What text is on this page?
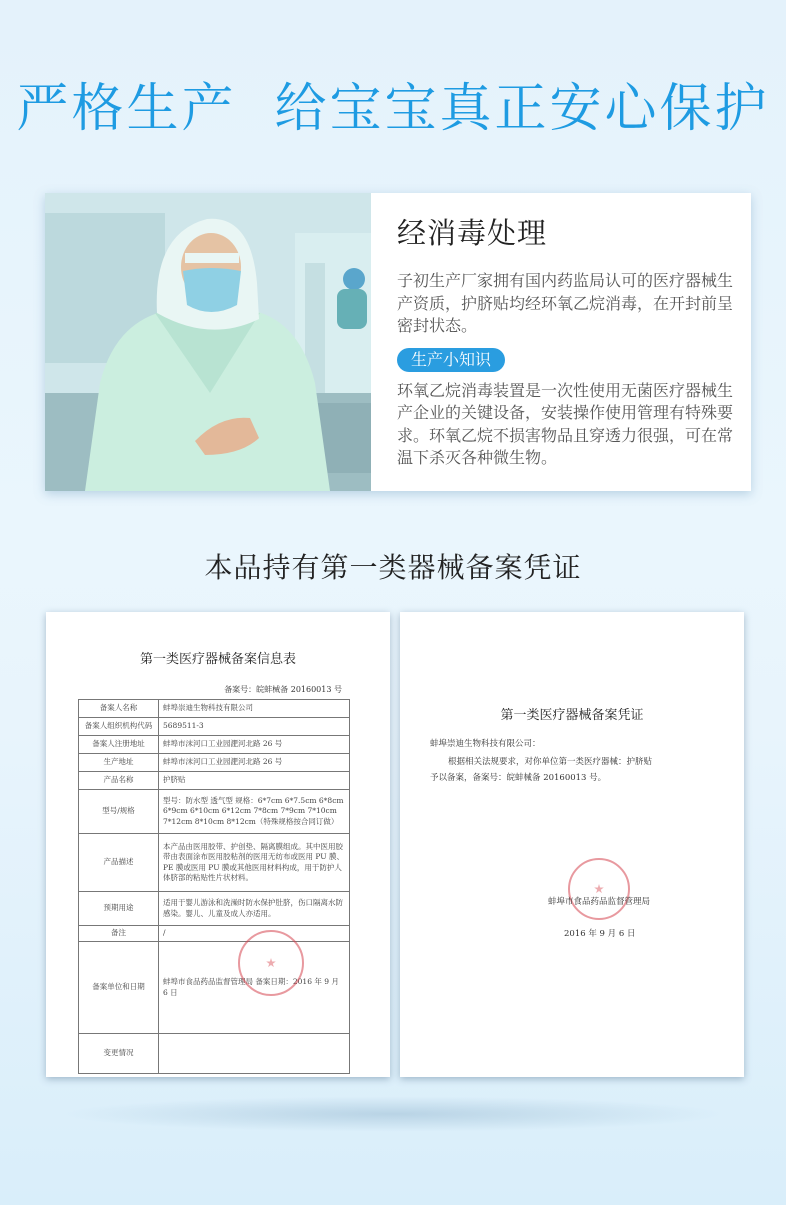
严格生产 给宝宝真正安心保护
经消毒处理
子初生产厂家拥有国内药监局认可的医疗器械生产资质，护脐贴均经环氧乙烷消毒，在开封前呈密封状态。
生产小知识
环氧乙烷消毒装置是一次性使用无菌医疗器械生产企业的关键设备，安装操作使用管理有特殊要求。环氧乙烷不损害物品且穿透力很强，可在常温下杀灭各种微生物。
本品持有第一类器械备案凭证
第一类医疗器械备案信息表
备案号：皖蚌械备 20160013 号
备案人名称	蚌埠崇迪生物科技有限公司
备案人组织机构代码	5689511-3
备案人注册地址	蚌埠市沫河口工业园淝河北路 26 号
生产地址	蚌埠市沫河口工业园淝河北路 26 号
产品名称	护脐贴
型号/规格	型号：防水型 透气型 规格：6*7cm 6*7.5cm 6*8cm 6*9cm 6*10cm 6*12cm 7*8cm 7*9cm 7*10cm 7*12cm 8*10cm 8*12cm（特殊规格按合同订做）
产品描述	本产品由医用胶带、护创垫、隔离膜组成。其中医用胶带由表面涂布医用胶粘剂的医用无纺布或医用 PU 膜、PE 膜或医用 PU 膜或其他医用材料构成，用于防护人体脐部的粘贴性片状材料。
预期用途	适用于婴儿游泳和洗澡时防水保护肚脐，伤口隔离水防感染。婴儿、儿童及成人亦适用。
备注	/
备案单位和日期	蚌埠市食品药品监督管理局 备案日期：2016 年 9 月 6 日
变更情况	
第一类医疗器械备案凭证
蚌埠崇迪生物科技有限公司：
根据相关法规要求，对你单位第一类医疗器械：护脐贴
予以备案，备案号：皖蚌械备 20160013 号。
蚌埠市食品药品监督管理局
2016 年 9 月 6 日
